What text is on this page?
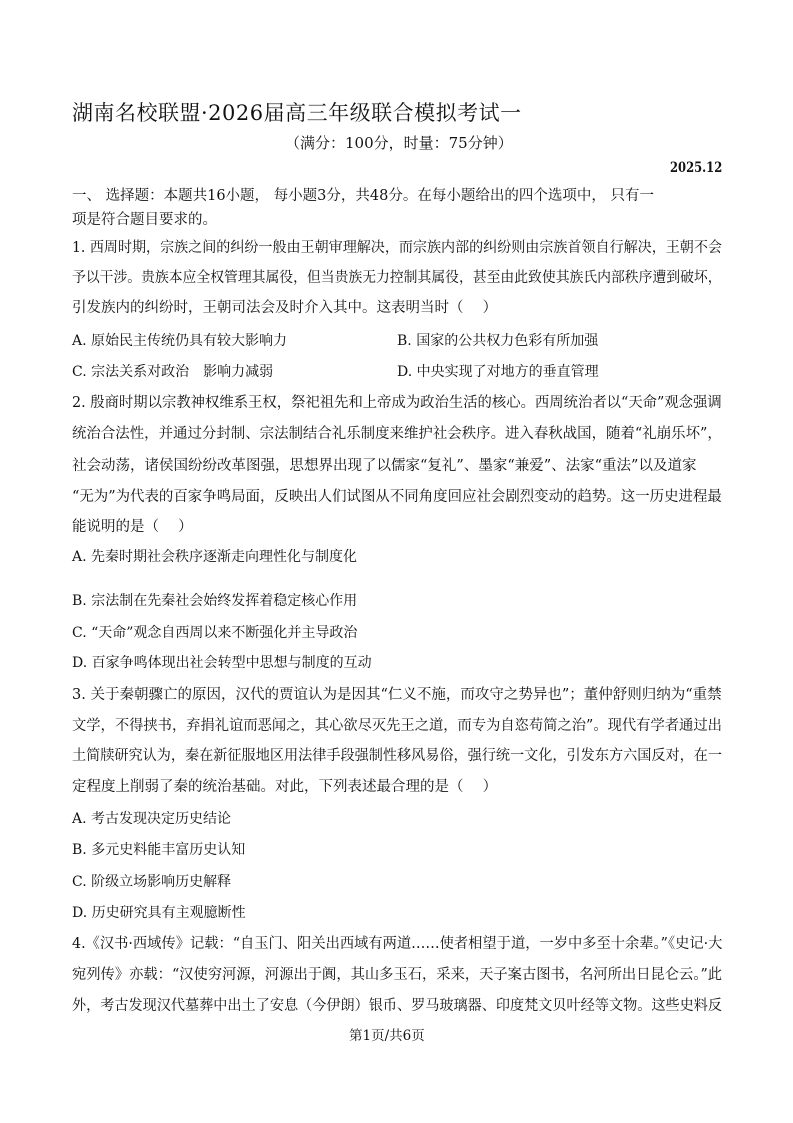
湖南名校联盟·2026届高三年级联合模拟考试一
（满分：100分，时量：75分钟）
2025.12
一、 选择题：本题共16小题， 每小题3分，共48分。在每小题给出的四个选项中， 只有一
项是符合题目要求的。
1. 西周时期，宗族之间的纠纷一般由王朝审理解决，而宗族内部的纠纷则由宗族首领自行解决，王朝不会
予以干涉。贵族本应全权管理其属役，但当贵族无力控制其属役，甚至由此致使其族氏内部秩序遭到破坏，
引发族内的纠纷时，王朝司法会及时介入其中。这表明当时（　 ）
A. 原始民主传统仍具有较大影响力	B. 国家的公共权力色彩有所加强
C. 宗法关系对政治　影响力减弱	D. 中央实现了对地方的垂直管理
2. 殷商时期以宗教神权维系王权，祭祀祖先和上帝成为政治生活的核心。西周统治者以“天命”观念强调
统治合法性，并通过分封制、宗法制结合礼乐制度来维护社会秩序。进入春秋战国，随着“礼崩乐坏”，
社会动荡，诸侯国纷纷改革图强，思想界出现了以儒家“复礼”、墨家“兼爱”、法家“重法”以及道家
“无为”为代表的百家争鸣局面，反映出人们试图从不同角度回应社会剧烈变动的趋势。这一历史进程最
能说明的是（　 ）
A. 先秦时期社会秩序逐渐走向理性化与制度化
B. 宗法制在先秦社会始终发挥着稳定核心作用
C. “天命”观念自西周以来不断强化并主导政治
D. 百家争鸣体现出社会转型中思想与制度的互动
3. 关于秦朝骤亡的原因，汉代的贾谊认为是因其“仁义不施，而攻守之势异也”；董仲舒则归纳为“重禁
文学，不得挟书，弃捐礼谊而恶闻之，其心欲尽灭先王之道，而专为自恣苟简之治”。现代有学者通过出
土简牍研究认为，秦在新征服地区用法律手段强制性移风易俗，强行统一文化，引发东方六国反对，在一
定程度上削弱了秦的统治基础。对此，下列表述最合理的是（　 ）
A. 考古发现决定历史结论
B. 多元史料能丰富历史认知
C. 阶级立场影响历史解释
D. 历史研究具有主观臆断性
4.《汉书·西域传》记载：“自玉门、阳关出西域有两道……使者相望于道，一岁中多至十余辈。”《史记·大
宛列传》亦载：“汉使穷河源，河源出于阗，其山多玉石，采来，天子案古图书，名河所出日昆仑云。”此
外，考古发现汉代墓葬中出土了安息（今伊朗）银币、罗马玻璃器、印度梵文贝叶经等文物。这些史料反
第1页/共6页
